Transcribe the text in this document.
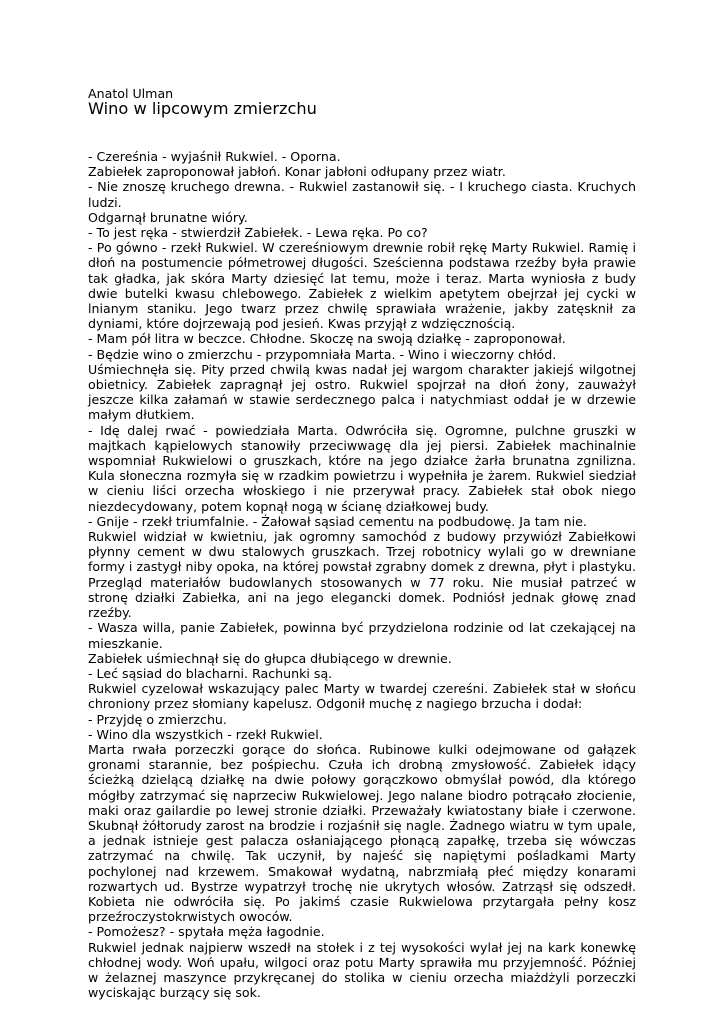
Anatol Ulman
Wino w lipcowym zmierzchu

- Czereśnia - wyjaśnił Rukwiel. - Oporna.

Zabiełek zaproponował jabłoń. Konar jabłoni odłupany przez wiatr.

- Nie znoszę kruchego drewna. - Rukwiel zastanowił się. - I kruchego ciasta. Kruchych ludzi.

Odgarnął brunatne wióry.

- To jest ręka - stwierdził Zabiełek. - Lewa ręka. Po co?

- Po gówno - rzekł Rukwiel. W czereśniowym drewnie robił rękę Marty Rukwiel. Ramię i dłoń na postumencie półmetrowej długości. Sześcienna podstawa rzeźby była prawie tak gładka, jak skóra Marty dziesięć lat temu, może i teraz. Marta wyniosła z budy dwie butelki kwasu chlebowego. Zabiełek z wielkim apetytem obejrzał jej cycki w lnianym staniku. Jego twarz przez chwilę sprawiała wrażenie, jakby zatęsknił za dyniami, które dojrzewają pod jesień. Kwas przyjął z wdzięcznością.

- Mam pół litra w beczce. Chłodne. Skoczę na swoją działkę - zaproponował.

- Będzie wino o zmierzchu - przypomniała Marta. - Wino i wieczorny chłód.

Uśmiechnęła się. Pity przed chwilą kwas nadał jej wargom charakter jakiejś wilgotnej obietnicy. Zabiełek zapragnął jej ostro. Rukwiel spojrzał na dłoń żony, zauważył jeszcze kilka załamań w stawie serdecznego palca i natychmiast oddał je w drzewie małym dłutkiem.

- Idę dalej rwać - powiedziała Marta. Odwróciła się. Ogromne, pulchne gruszki w majtkach kąpielowych stanowiły przeciwwagę dla jej piersi. Zabiełek machinalnie wspomniał Rukwielowi o gruszkach, które na jego działce żarła brunatna zgnilizna. Kula słoneczna rozmyła się w rzadkim powietrzu i wypełniła je żarem. Rukwiel siedział w cieniu liści orzecha włoskiego i nie przerywał pracy. Zabiełek stał obok niego niezdecydowany, potem kopnął nogą w ścianę działkowej budy.

- Gnije - rzekł triumfalnie. - Żałował sąsiad cementu na podbudowę. Ja tam nie.

Rukwiel widział w kwietniu, jak ogromny samochód z budowy przywiózł Zabiełkowi płynny cement w dwu stalowych gruszkach. Trzej robotnicy wylali go w drewniane formy i zastygł niby opoka, na której powstał zgrabny domek z drewna, płyt i plastyku. Przegląd materiałów budowlanych stosowanych w 77 roku. Nie musiał patrzeć w stronę działki Zabiełka, ani na jego elegancki domek. Podniósł jednak głowę znad rzeźby.

- Wasza willa, panie Zabiełek, powinna być przydzielona rodzinie od lat czekającej na mieszkanie.

Zabiełek uśmiechnął się do głupca dłubiącego w drewnie.

- Leć sąsiad do blacharni. Rachunki są.

Rukwiel cyzelował wskazujący palec Marty w twardej czereśni. Zabiełek stał w słońcu chroniony przez słomiany kapelusz. Odgonił muchę z nagiego brzucha i dodał:

- Przyjdę o zmierzchu.

- Wino dla wszystkich - rzekł Rukwiel.

Marta rwała porzeczki gorące do słońca. Rubinowe kulki odejmowane od gałązek gronami starannie, bez pośpiechu. Czuła ich drobną zmysłowość. Zabiełek idący ścieżką dzielącą działkę na dwie połowy gorączkowo obmyślał powód, dla którego mógłby zatrzymać się naprzeciw Rukwielowej. Jego nalane biodro potrącało złocienie, maki oraz gailardie po lewej stronie działki. Przeważały kwiatostany białe i czerwone. Skubnął żółtorudy zarost na brodzie i rozjaśnił się nagle. Żadnego wiatru w tym upale, a jednak istnieje gest palacza osłaniającego płonącą zapałkę, trzeba się wówczas zatrzymać na chwilę. Tak uczynił, by najeść się napiętymi pośladkami Marty pochylonej nad krzewem. Smakował wydatną, nabrzmiałą płeć między konarami rozwartych ud. Bystrze wypatrzył trochę nie ukrytych włosów. Zatrząsł się odszedł. Kobieta nie odwróciła się. Po jakimś czasie Rukwielowa przytargała pełny kosz przeźroczystokrwistych owoców.

- Pomożesz? - spytała męża łagodnie.

Rukwiel jednak najpierw wszedł na stołek i z tej wysokości wylał jej na kark konewkę chłodnej wody. Woń upału, wilgoci oraz potu Marty sprawiła mu przyjemność. Później w żelaznej maszynce przykręcanej do stolika w cieniu orzecha miażdżyli porzeczki wyciskając burzący się sok.
